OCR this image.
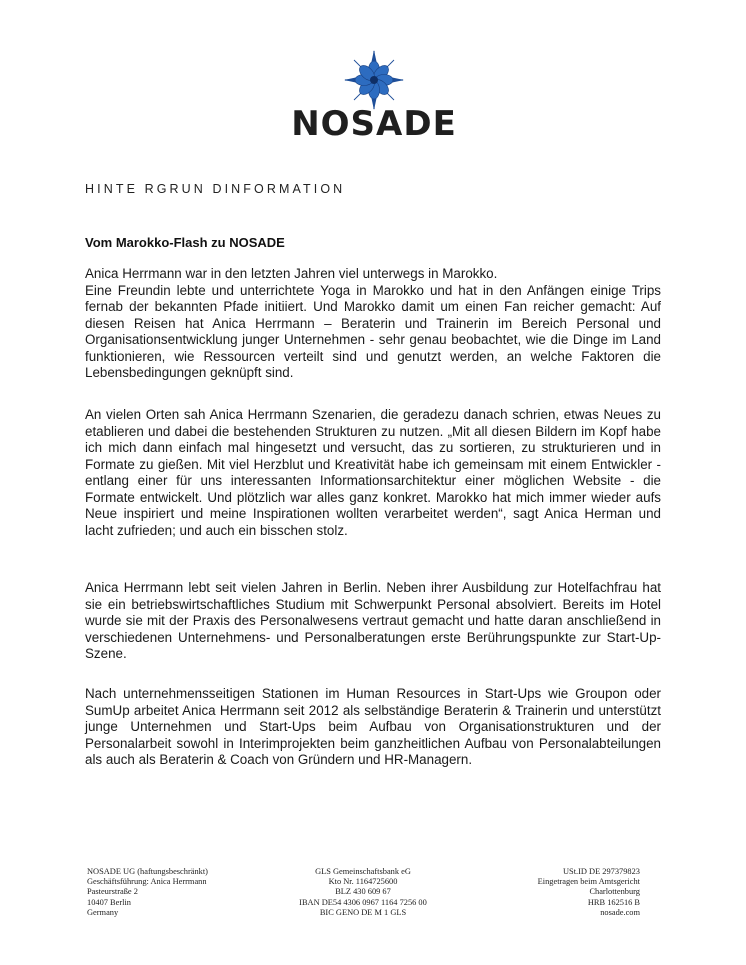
NOSADE
HINTE RGRUN DINFORMATION
Vom Marokko-Flash zu NOSADE
Anica Herrmann war in den letzten Jahren viel unterwegs in Marokko.
Eine Freundin lebte und unterrichtete Yoga in Marokko und hat in den Anfängen einige Trips fernab der bekannten Pfade initiiert. Und Marokko damit um einen Fan reicher gemacht: Auf diesen Reisen hat Anica Herrmann – Beraterin und Trainerin im Bereich Personal und Organisationsentwicklung junger Unternehmen - sehr genau beobachtet, wie die Dinge im Land funktionieren, wie Ressourcen verteilt sind und genutzt werden, an welche Faktoren die Lebensbedingungen geknüpft sind.
An vielen Orten sah Anica Herrmann Szenarien, die geradezu danach schrien, etwas Neues zu etablieren und dabei die bestehenden Strukturen zu nutzen. „Mit all diesen Bildern im Kopf habe ich mich dann einfach mal hingesetzt und versucht, das zu sortieren, zu strukturieren und in Formate zu gießen. Mit viel Herzblut und Kreativität habe ich gemeinsam mit einem Entwickler - entlang einer für uns interessanten Informationsarchitektur einer möglichen Website - die Formate entwickelt. Und plötzlich war alles ganz konkret. Marokko hat mich immer wieder aufs Neue inspiriert und meine Inspirationen wollten verarbeitet werden“, sagt Anica Herman und lacht zufrieden; und auch ein bisschen stolz.
Anica Herrmann lebt seit vielen Jahren in Berlin. Neben ihrer Ausbildung zur Hotelfachfrau hat sie ein betriebswirtschaftliches Studium mit Schwerpunkt Personal absolviert. Bereits im Hotel wurde sie mit der Praxis des Personalwesens vertraut gemacht und hatte daran anschließend in verschiedenen Unternehmens- und Personalberatungen erste Berührungspunkte zur Start-Up-Szene.
Nach unternehmensseitigen Stationen im Human Resources in Start-Ups wie Groupon oder SumUp arbeitet Anica Herrmann seit 2012 als selbständige Beraterin & Trainerin und unterstützt junge Unternehmen und Start-Ups beim Aufbau von Organisationstrukturen und der Personalarbeit sowohl in Interimprojekten beim ganzheitlichen Aufbau von Personalabteilungen als auch als Beraterin & Coach von Gründern und HR-Managern.
NOSADE UG (haftungsbeschränkt)
Geschäftsführung: Anica Herrmann
Pasteurstraße 2
10407 Berlin
Germany
GLS Gemeinschaftsbank eG
Kto Nr. 1164725600
BLZ 430 609 67
IBAN DE54 4306 0967 1164 7256 00
BIC GENO DE M 1 GLS
USt.ID DE 297379823
Eingetragen beim Amtsgericht
Charlottenburg
HRB 162516 B
nosade.com
